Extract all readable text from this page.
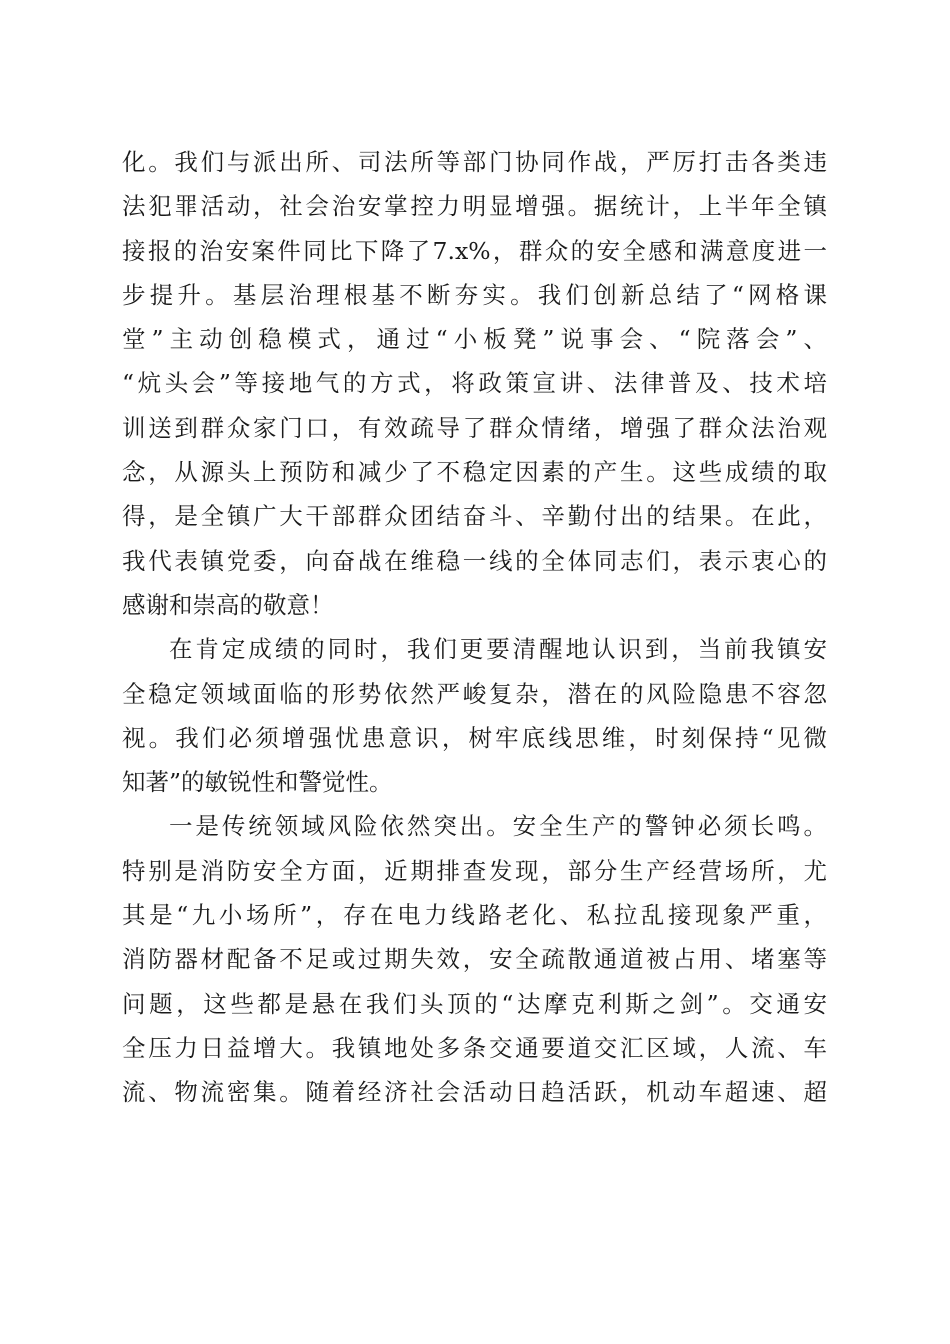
化。我们与派出所、司法所等部门协同作战，严厉打击各类违
法犯罪活动，社会治安掌控力明显增强。据统计，上半年全镇
接报的治安案件同比下降了7.x%，群众的安全感和满意度进一
步提升。基层治理根基不断夯实。我们创新总结了“网格课
堂”主动创稳模式，通过“小板凳”说事会、“院落会”、
“炕头会”等接地气的方式，将政策宣讲、法律普及、技术培
训送到群众家门口，有效疏导了群众情绪，增强了群众法治观
念，从源头上预防和减少了不稳定因素的产生。这些成绩的取
得，是全镇广大干部群众团结奋斗、辛勤付出的结果。在此，
我代表镇党委，向奋战在维稳一线的全体同志们，表示衷心的
感谢和崇高的敬意！
在肯定成绩的同时，我们更要清醒地认识到，当前我镇安
全稳定领域面临的形势依然严峻复杂，潜在的风险隐患不容忽
视。我们必须增强忧患意识，树牢底线思维，时刻保持“见微
知著”的敏锐性和警觉性。
一是传统领域风险依然突出。安全生产的警钟必须长鸣。
特别是消防安全方面，近期排查发现，部分生产经营场所，尤
其是“九小场所”，存在电力线路老化、私拉乱接现象严重，
消防器材配备不足或过期失效，安全疏散通道被占用、堵塞等
问题，这些都是悬在我们头顶的“达摩克利斯之剑”。交通安
全压力日益增大。我镇地处多条交通要道交汇区域，人流、车
流、物流密集。随着经济社会活动日趋活跃，机动车超速、超
